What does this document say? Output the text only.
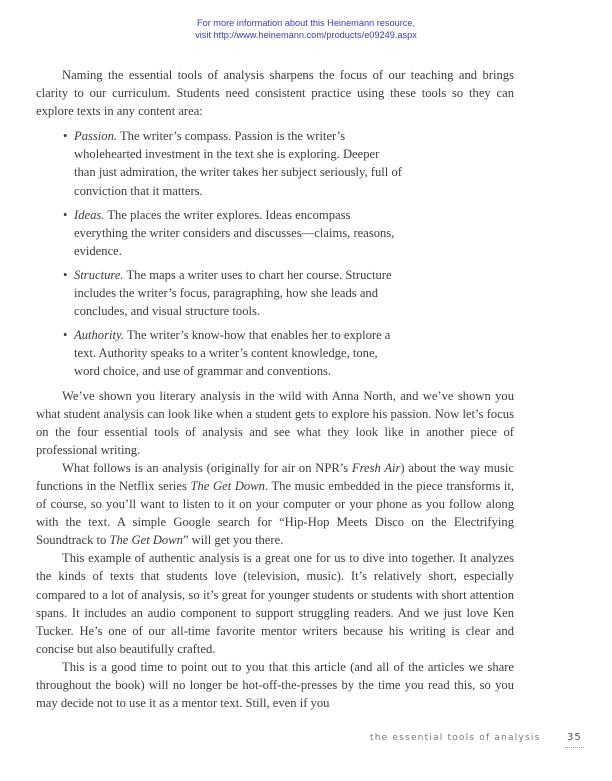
For more information about this Heinemann resource,
visit http://www.heinemann.com/products/e09249.aspx

Naming the essential tools of analysis sharpens the focus of our teaching and brings clarity to our curriculum. Students need consistent practice using these tools so they can explore texts in any content area:

• Passion. The writer’s compass. Passion is the writer’s wholehearted investment in the text she is exploring. Deeper than just admiration, the writer takes her subject seriously, full of conviction that it matters.
• Ideas. The places the writer explores. Ideas encompass everything the writer considers and discusses—claims, reasons, evidence.
• Structure. The maps a writer uses to chart her course. Structure includes the writer’s focus, paragraphing, how she leads and concludes, and visual structure tools.
• Authority. The writer’s know-how that enables her to explore a text. Authority speaks to a writer’s content knowledge, tone, word choice, and use of grammar and conventions.

We’ve shown you literary analysis in the wild with Anna North, and we’ve shown you what student analysis can look like when a student gets to explore his passion. Now let’s focus on the four essential tools of analysis and see what they look like in another piece of professional writing.

What follows is an analysis (originally for air on NPR’s Fresh Air) about the way music functions in the Netflix series The Get Down. The music embedded in the piece transforms it, of course, so you’ll want to listen to it on your computer or your phone as you follow along with the text. A simple Google search for “Hip-Hop Meets Disco on the Electrifying Soundtrack to The Get Down” will get you there.

This example of authentic analysis is a great one for us to dive into together. It analyzes the kinds of texts that students love (television, music). It’s relatively short, especially compared to a lot of analysis, so it’s great for younger students or students with short attention spans. It includes an audio component to support struggling readers. And we just love Ken Tucker. He’s one of our all-time favorite mentor writers because his writing is clear and concise but also beautifully crafted.

This is a good time to point out to you that this article (and all of the articles we share throughout the book) will no longer be hot-off-the-presses by the time you read this, so you may decide not to use it as a mentor text. Still, even if you

the essential tools of analysis	35
